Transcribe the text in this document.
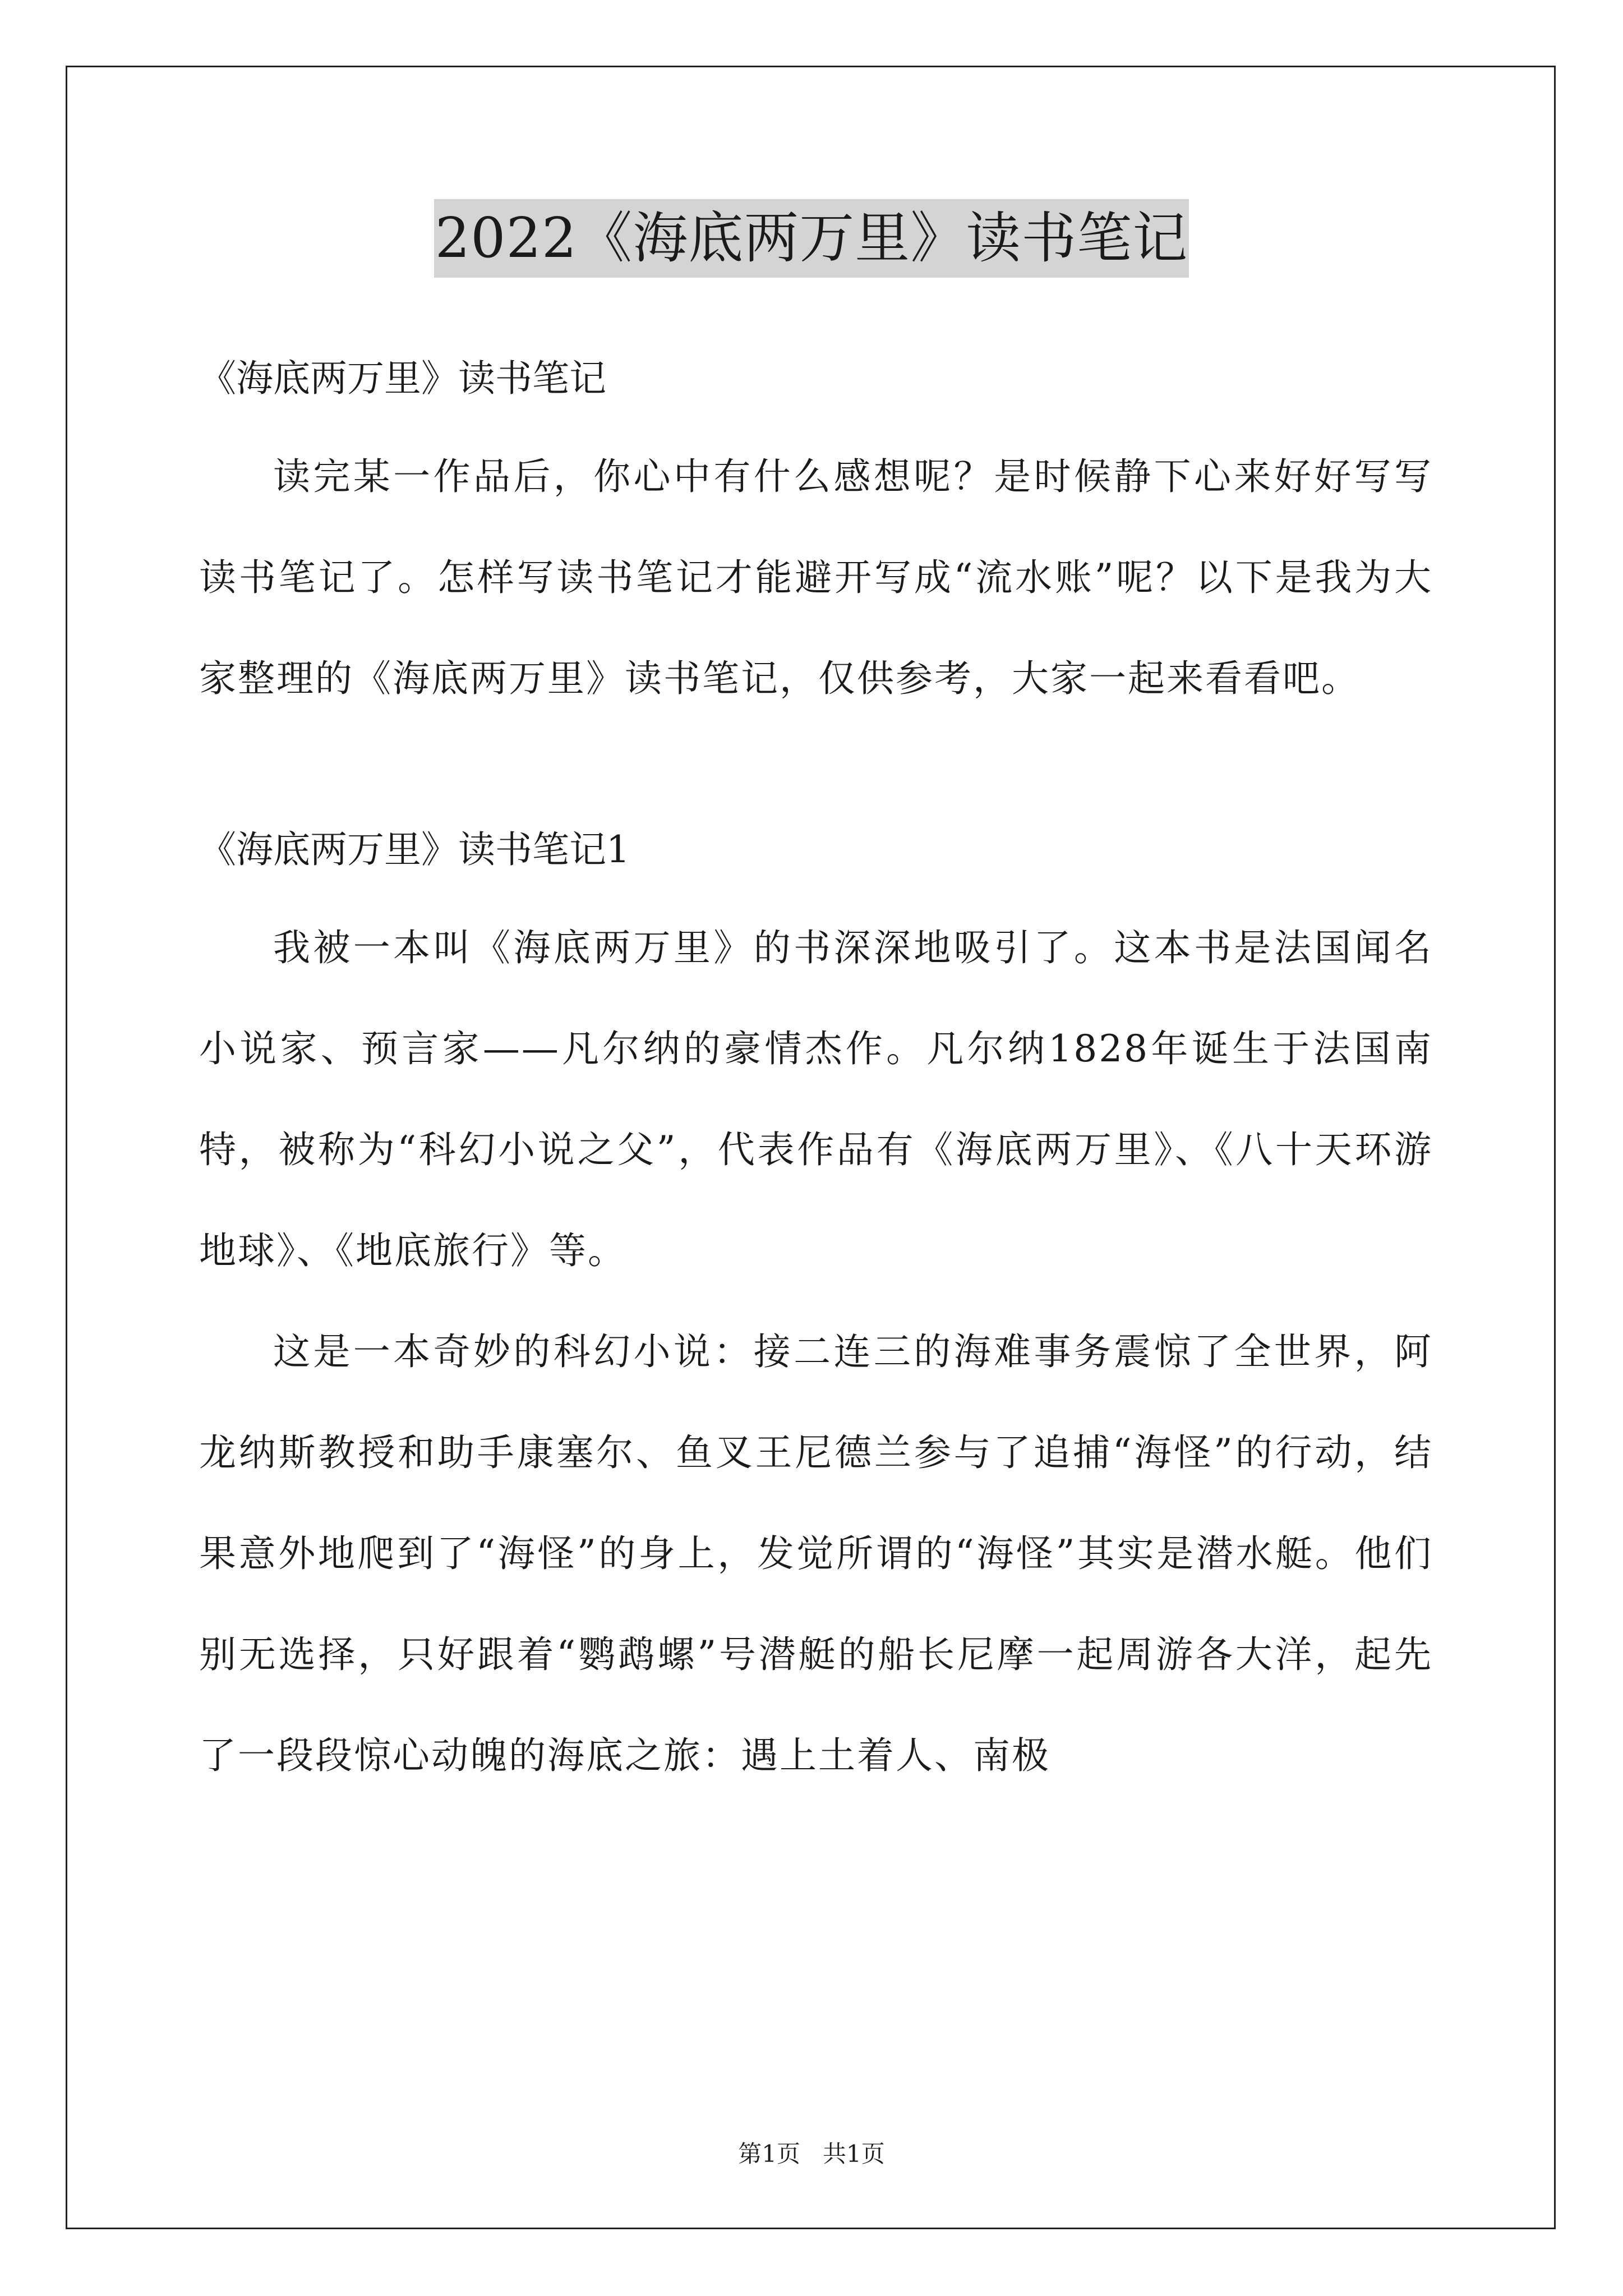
2022《海底两万里》读书笔记
《海底两万里》读书笔记
读完某一作品后，你心中有什么感想呢？是时候静下心来好好写写读书笔记了。怎样写读书笔记才能避开写成“流水账”呢？以下是我为大家整理的《海底两万里》读书笔记，仅供参考，大家一起来看看吧。
《海底两万里》读书笔记1
我被一本叫《海底两万里》的书深深地吸引了。这本书是法国闻名小说家、预言家——凡尔纳的豪情杰作。凡尔纳1828年诞生于法国南特，被称为“科幻小说之父”，代表作品有《海底两万里》、《八十天环游地球》、《地底旅行》等。
这是一本奇妙的科幻小说：接二连三的海难事务震惊了全世界，阿龙纳斯教授和助手康塞尔、鱼叉王尼德兰参与了追捕“海怪”的行动，结果意外地爬到了“海怪”的身上，发觉所谓的“海怪”其实是潜水艇。他们别无选择，只好跟着“鹦鹉螺”号潜艇的船长尼摩一起周游各大洋，起先了一段段惊心动魄的海底之旅：遇上土着人、南极
第1页 共1页
